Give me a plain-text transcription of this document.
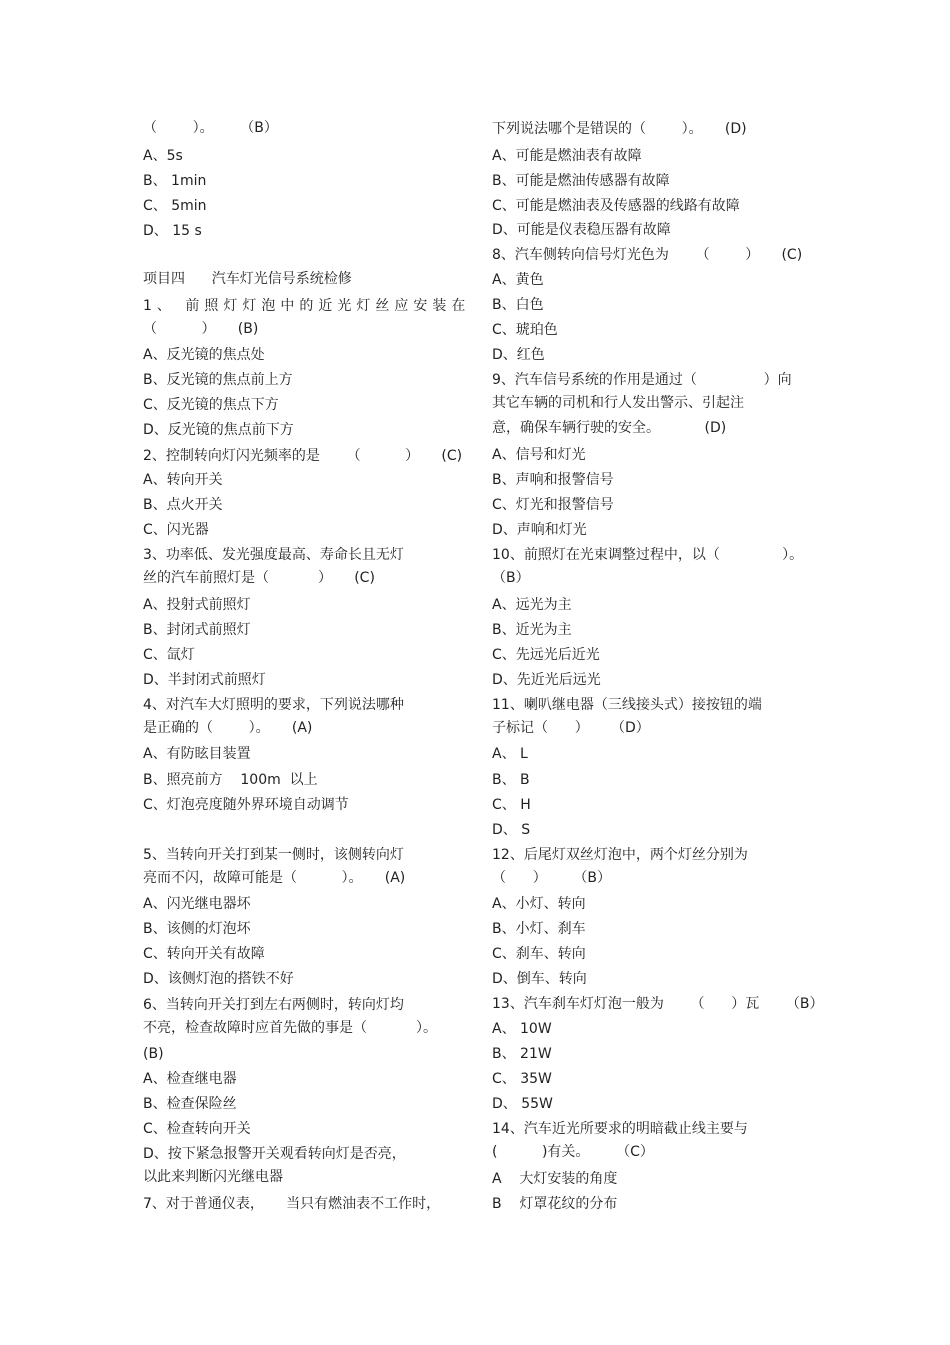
（        ）。      （B）
A、5s
B、 1min
C、 5min
D、 15 s
项目四      汽车灯光信号系统检修
1、 前照灯灯泡中的近光灯丝应安装在
（          ）     (B)
A、反光镜的焦点处
B、反光镜的焦点前上方
C、反光镜的焦点下方
D、反光镜的焦点前下方
2、控制转向灯闪光频率的是      （          ）     (C)
A、转向开关
B、点火开关
C、闪光器
3、功率低、发光强度最高、寿命长且无灯
丝的汽车前照灯是（           ）     (C)
A、投射式前照灯
B、封闭式前照灯
C、氙灯
D、半封闭式前照灯
4、对汽车大灯照明的要求，下列说法哪种
是正确的（        ）。     (A)
A、有防眩目装置
B、照亮前方    100m  以上
C、灯泡亮度随外界环境自动调节
5、当转向开关打到某一侧时，该侧转向灯
亮而不闪，故障可能是（          ）。     (A)
A、闪光继电器坏
B、该侧的灯泡坏
C、转向开关有故障
D、该侧灯泡的搭铁不好
6、当转向开关打到左右两侧时，转向灯均
不亮，检查故障时应首先做的事是（           ）。
(B)
A、检查继电器
B、检查保险丝
C、检查转向开关
D、按下紧急报警开关观看转向灯是否亮，
以此来判断闪光继电器
7、对于普通仪表，     当只有燃油表不工作时，
下列说法哪个是错误的（        ）。     (D)
A、可能是燃油表有故障
B、可能是燃油传感器有故障
C、可能是燃油表及传感器的线路有故障
D、可能是仪表稳压器有故障
8、汽车侧转向信号灯光色为      （        ）     (C)
A、黄色
B、白色
C、琥珀色
D、红色
9、汽车信号系统的作用是通过（               ）向
其它车辆的司机和行人发出警示、引起注
意，确保车辆行驶的安全。          (D)
A、信号和灯光
B、声响和报警信号
C、灯光和报警信号
D、声响和灯光
10、前照灯在光束调整过程中，以（              ）。
（B）
A、远光为主
B、近光为主
C、先远光后近光
D、先近光后远光
11、喇叭继电器（三线接头式）接按钮的端
子标记（      ）     （D）
A、 L
B、 B
C、 H
D、 S
12、后尾灯双丝灯泡中，两个灯丝分别为
（      ）      （B）
A、小灯、转向
B、小灯、刹车
C、刹车、转向
D、倒车、转向
13、汽车刹车灯灯泡一般为      （      ）瓦      （B）
A、 10W
B、 21W
C、 35W
D、 55W
14、汽车近光所要求的明暗截止线主要与
(          )有关。      （C）
A    大灯安装的角度
B    灯罩花纹的分布
